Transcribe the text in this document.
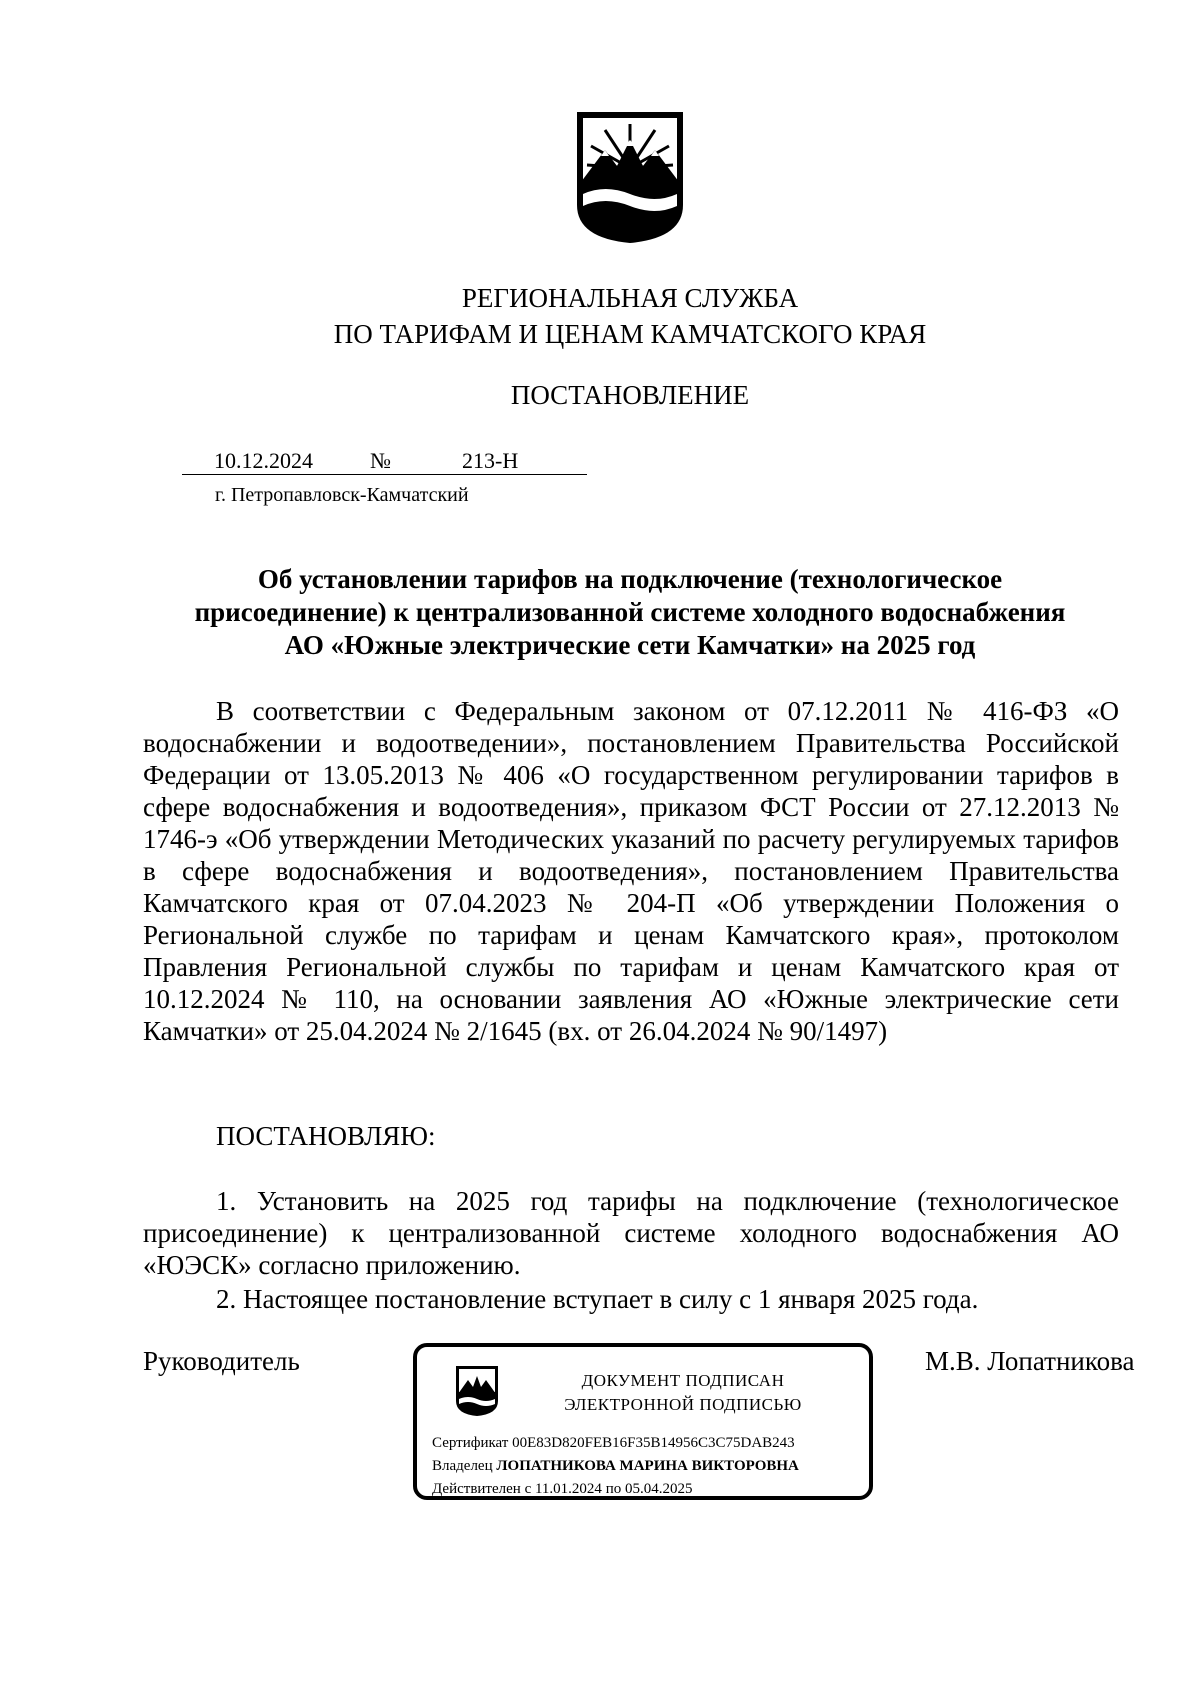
РЕГИОНАЛЬНАЯ СЛУЖБА
ПО ТАРИФАМ И ЦЕНАМ КАМЧАТСКОГО КРАЯ
ПОСТАНОВЛЕНИЕ
10.12.2024	№	213-Н
г. Петропавловск-Камчатский
Об установлении тарифов на подключение (технологическое
присоединение) к централизованной системе холодного водоснабжения
АО «Южные электрические сети Камчатки» на 2025 год
В соответствии с Федеральным законом от 07.12.2011 № 416-ФЗ «О водоснабжении и водоотведении», постановлением Правительства Российской Федерации от 13.05.2013 № 406 «О государственном регулировании тарифов в сфере водоснабжения и водоотведения», приказом ФСТ России от 27.12.2013 № 1746-э «Об утверждении Методических указаний по расчету регулируемых тарифов в сфере водоснабжения и водоотведения», постановлением Правительства Камчатского края от 07.04.2023 № 204-П «Об утверждении Положения о Региональной службе по тарифам и ценам Камчатского края», протоколом Правления Региональной службы по тарифам и ценам Камчатского края от 10.12.2024 № 110, на основании заявления АО «Южные электрические сети Камчатки» от 25.04.2024 № 2/1645 (вх. от 26.04.2024 № 90/1497)
ПОСТАНОВЛЯЮ:
1. Установить на 2025 год тарифы на подключение (технологическое присоединение) к централизованной системе холодного водоснабжения АО «ЮЭСК» согласно приложению.
2. Настоящее постановление вступает в силу с 1 января 2025 года.
Руководитель	М.В. Лопатникова
ДОКУМЕНТ ПОДПИСАН
ЭЛЕКТРОННОЙ ПОДПИСЬЮ
Сертификат 00E83D820FEB16F35B14956C3C75DAB243
Владелец ЛОПАТНИКОВА МАРИНА ВИКТОРОВНА
Действителен с 11.01.2024 по 05.04.2025
